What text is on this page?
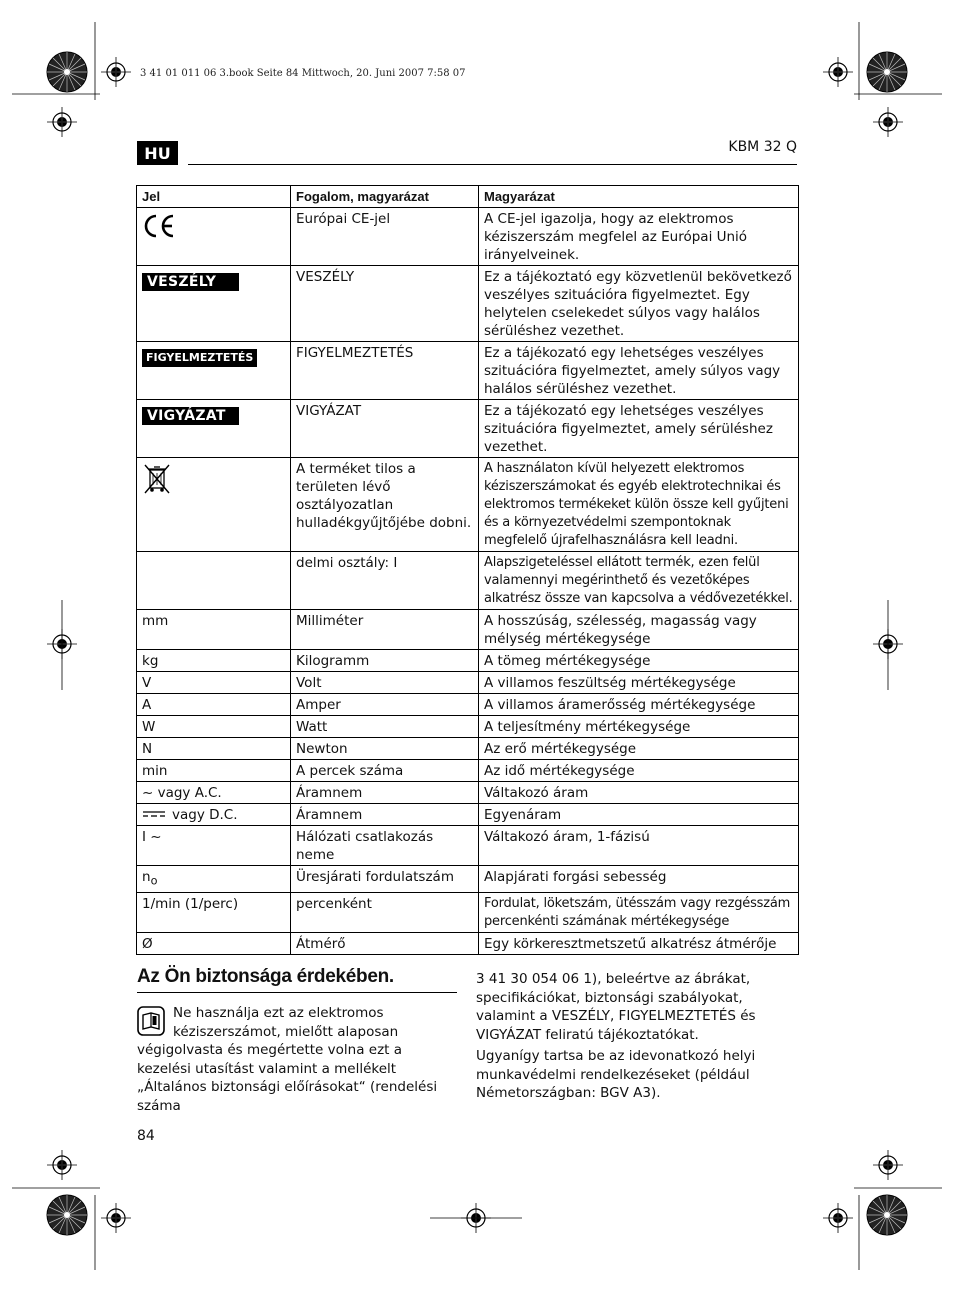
3 41 01 011 06 3.book Seite 84 Mittwoch, 20. Juni 2007 7:58 07
HU	KBM 32 Q
Jel	Fogalom, magyarázat	Magyarázat
	Európai CE-jel	A CE-jel igazolja, hogy az elektromos kéziszerszám megfelel az Európai Unió irányelveinek.
VESZÉLY	VESZÉLY	Ez a tájékoztató egy közvetlenül bekövetkező veszélyes szituációra figyelmeztet. Egy helytelen cselekedet súlyos vagy halálos sérüléshez vezethet.
FIGYELMEZTETÉS	FIGYELMEZTETÉS	Ez a tájékozató egy lehetséges veszélyes szituációra figyelmeztet, amely súlyos vagy halálos sérüléshez vezethet.
VIGYÁZAT	VIGYÁZAT	Ez a tájékozató egy lehetséges veszélyes szituációra figyelmeztet, amely sérüléshez vezethet.
	A terméket tilos a területen lévő osztályozatlan hulladékgyűjtőjébe dobni.	A használaton kívül helyezett elektromos kéziszerszámokat és egyéb elektrotechnikai és elektromos termékeket külön össze kell gyűjteni és a környezetvédelmi szempontoknak megfelelő újrafelhasználásra kell leadni.
	delmi osztály: I	Alapszigeteléssel ellátott termék, ezen felül valamennyi megérinthető és vezetőképes alkatrész össze van kapcsolva a védővezetékkel.
mm	Milliméter	A hosszúság, szélesség, magasság vagy mélység mértékegysége
kg	Kilogramm	A tömeg mértékegysége
V	Volt	A villamos feszültség mértékegysége
A	Amper	A villamos áramerősség mértékegysége
W	Watt	A teljesítmény mértékegysége
N	Newton	Az erő mértékegysége
min	A percek száma	Az idő mértékegysége
~ vagy A.C.	Áramnem	Váltakozó áram
vagy D.C.	Áramnem	Egyenáram
I ~	Hálózati csatlakozás neme	Váltakozó áram, 1-fázisú
$n_o$	Üresjárati fordulatszám	Alapjárati forgási sebesség
1/min (1/perc)	percenként	Fordulat, löketszám, ütésszám vagy rezgésszám percenkénti számának mértékegysége
Ø	Átmérő	Egy körkeresztmetszetű alkatrész átmérője
Az Ön biztonsága érdekében.
Ne használja ezt az elektromos kéziszerszámot, mielőtt alaposan végigolvasta és megértette volna ezt a kezelési utasítást valamint a mellékelt „Általános biztonsági előírásokat“ (rendelési száma

3 41 30 054 06 1), beleértve az ábrákat, specifikációkat, biztonsági szabályokat, valamint a VESZÉLY, FIGYELMEZTETÉS és VIGYÁZAT feliratú tájékoztatókat.

Ugyanígy tartsa be az idevonatkozó helyi munkavédelmi rendelkezéseket (például Németországban: BGV A3).

84
